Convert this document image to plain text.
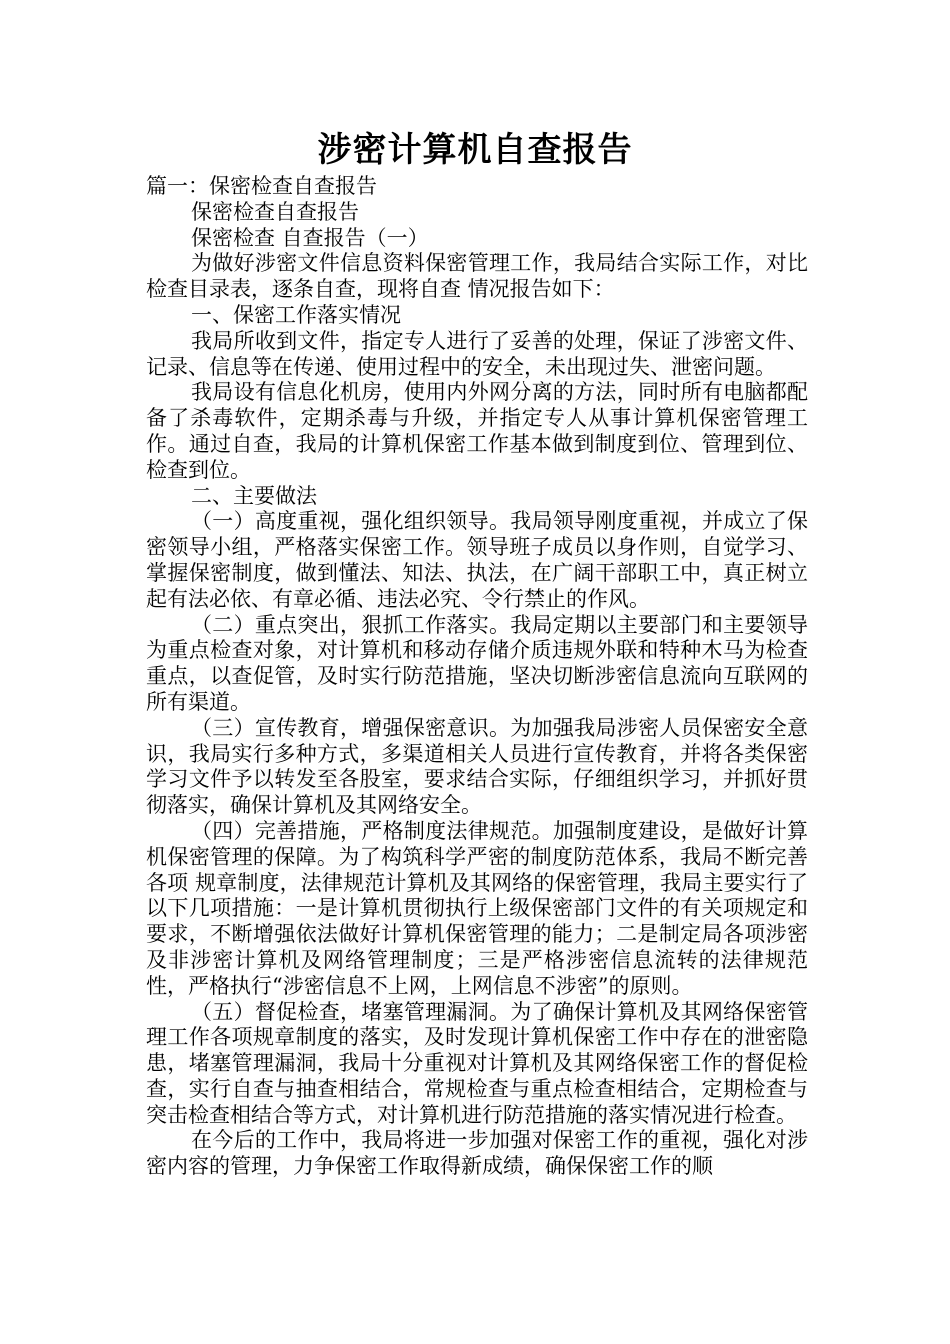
涉密计算机自查报告

篇一：保密检查自查报告

保密检查自查报告

保密检查 自查报告（一）

为做好涉密文件信息资料保密管理工作，我局结合实际工作，对比检查目录表，逐条自查，现将自查 情况报告如下：

一、保密工作落实情况

我局所收到文件，指定专人进行了妥善的处理，保证了涉密文件、记录、信息等在传递、使用过程中的安全，未出现过失、泄密问题。

我局设有信息化机房，使用内外网分离的方法，同时所有电脑都配备了杀毒软件，定期杀毒与升级，并指定专人从事计算机保密管理工作。通过自查，我局的计算机保密工作基本做到制度到位、管理到位、检查到位。

二、主要做法

（一）高度重视，强化组织领导。我局领导刚度重视，并成立了保密领导小组，严格落实保密工作。领导班子成员以身作则，自觉学习、掌握保密制度，做到懂法、知法、执法，在广阔干部职工中，真正树立起有法必依、有章必循、违法必究、令行禁止的作风。

（二）重点突出，狠抓工作落实。我局定期以主要部门和主要领导为重点检查对象，对计算机和移动存储介质违规外联和特种木马为检查重点，以查促管，及时实行防范措施，坚决切断涉密信息流向互联网的所有渠道。

（三）宣传教育，增强保密意识。为加强我局涉密人员保密安全意识，我局实行多种方式，多渠道相关人员进行宣传教育，并将各类保密学习文件予以转发至各股室，要求结合实际，仔细组织学习，并抓好贯彻落实，确保计算机及其网络安全。

（四）完善措施，严格制度法律规范。加强制度建设，是做好计算机保密管理的保障。为了构筑科学严密的制度防范体系，我局不断完善各项 规章制度，法律规范计算机及其网络的保密管理，我局主要实行了以下几项措施：一是计算机贯彻执行上级保密部门文件的有关项规定和要求，不断增强依法做好计算机保密管理的能力；二是制定局各项涉密及非涉密计算机及网络管理制度；三是严格涉密信息流转的法律规范性，严格执行“涉密信息不上网，上网信息不涉密”的原则。

（五）督促检查，堵塞管理漏洞。为了确保计算机及其网络保密管理工作各项规章制度的落实，及时发现计算机保密工作中存在的泄密隐患，堵塞管理漏洞，我局十分重视对计算机及其网络保密工作的督促检查，实行自查与抽查相结合，常规检查与重点检查相结合，定期检查与突击检查相结合等方式，对计算机进行防范措施的落实情况进行检查。

在今后的工作中，我局将进一步加强对保密工作的重视，强化对涉密内容的管理，力争保密工作取得新成绩，确保保密工作的顺
